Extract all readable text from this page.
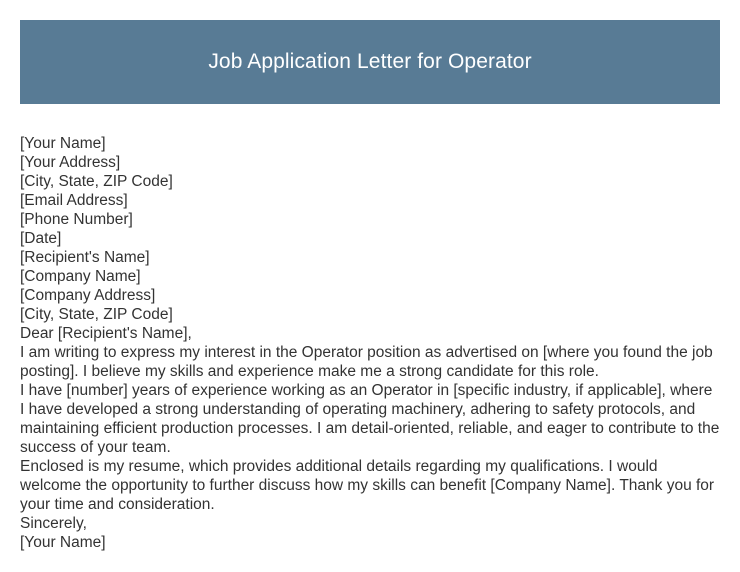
Job Application Letter for Operator

[Your Name]

[Your Address]

[City, State, ZIP Code]

[Email Address]

[Phone Number]

[Date]

[Recipient's Name]

[Company Name]

[Company Address]

[City, State, ZIP Code]

Dear [Recipient's Name],

I am writing to express my interest in the Operator position as advertised on [where you found the job posting]. I believe my skills and experience make me a strong candidate for this role.

I have [number] years of experience working as an Operator in [specific industry, if applicable], where I have developed a strong understanding of operating machinery, adhering to safety protocols, and maintaining efficient production processes. I am detail-oriented, reliable, and eager to contribute to the success of your team.

Enclosed is my resume, which provides additional details regarding my qualifications. I would welcome the opportunity to further discuss how my skills can benefit [Company Name]. Thank you for your time and consideration.

Sincerely,

[Your Name]
